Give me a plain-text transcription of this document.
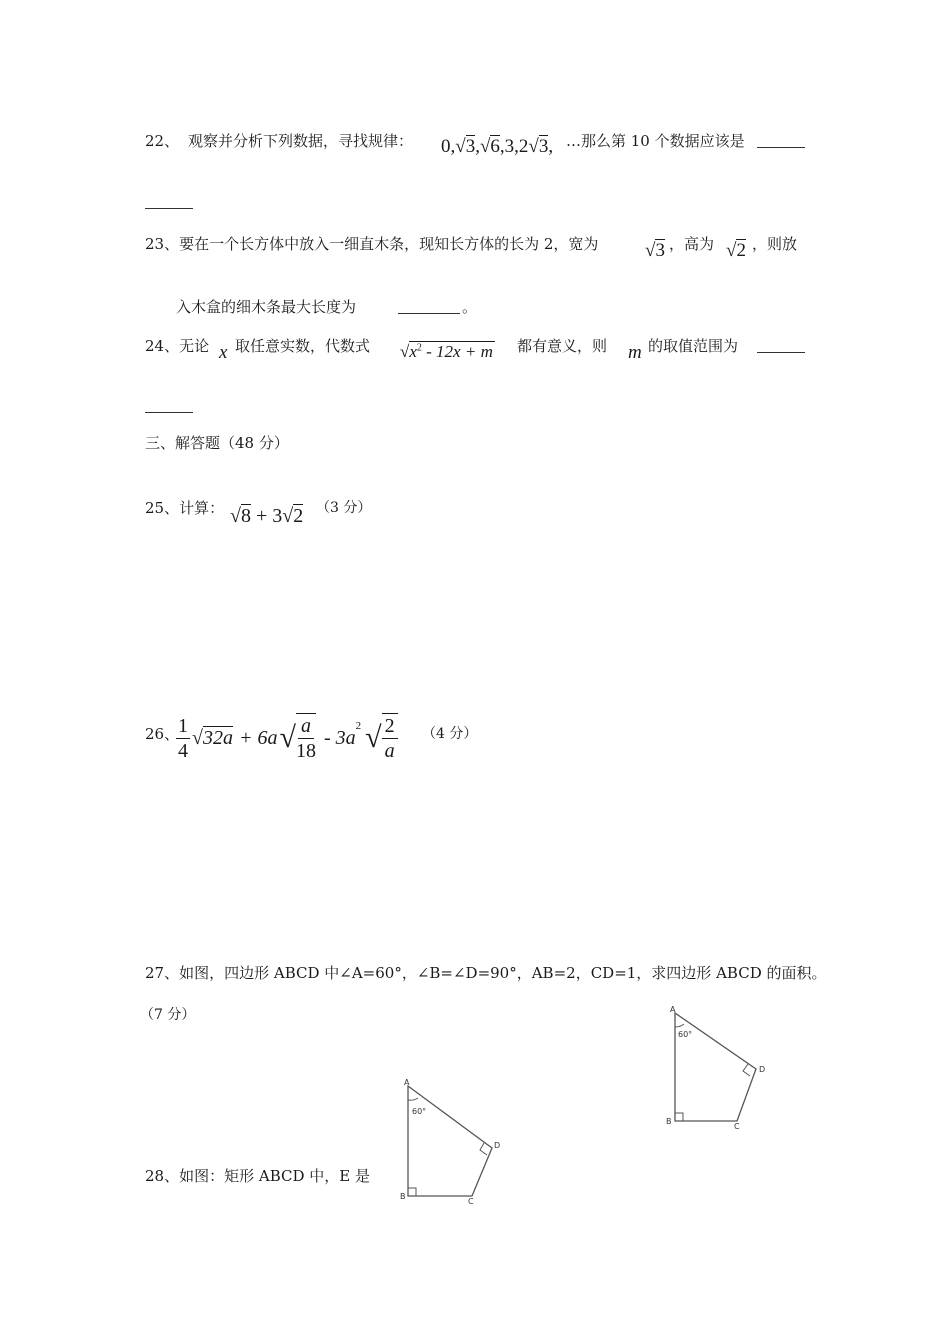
22、 观察并分析下列数据，寻找规律： 0,√3,√6,3,2√3, …那么第 10 个数据应该是
23、要在一个长方体中放入一细直木条，现知长方体的长为 2，宽为 √3 ，高为 √2 ，则放
入木盒的细木条最大长度为	。
24、无论 x 取任意实数，代数式 $√x^2 - 12x + m$ 都有意义，则 m 的取值范围为
三、解答题（48 分）
25、计算： √8 + 3√2 （3 分）
26、
1
4
√ 32a + 6a √ a
18
- 3a
$^2$ √ 2
a
（4 分）
27、如图，四边形 ABCD 中∠A=60°，∠B=∠D=90°，AB=2，CD=1，求四边形 ABCD 的面积。
（7 分）	A
60°
B
C
D
A
60°
B
C
D
28、如图：矩形 ABCD 中，E 是
